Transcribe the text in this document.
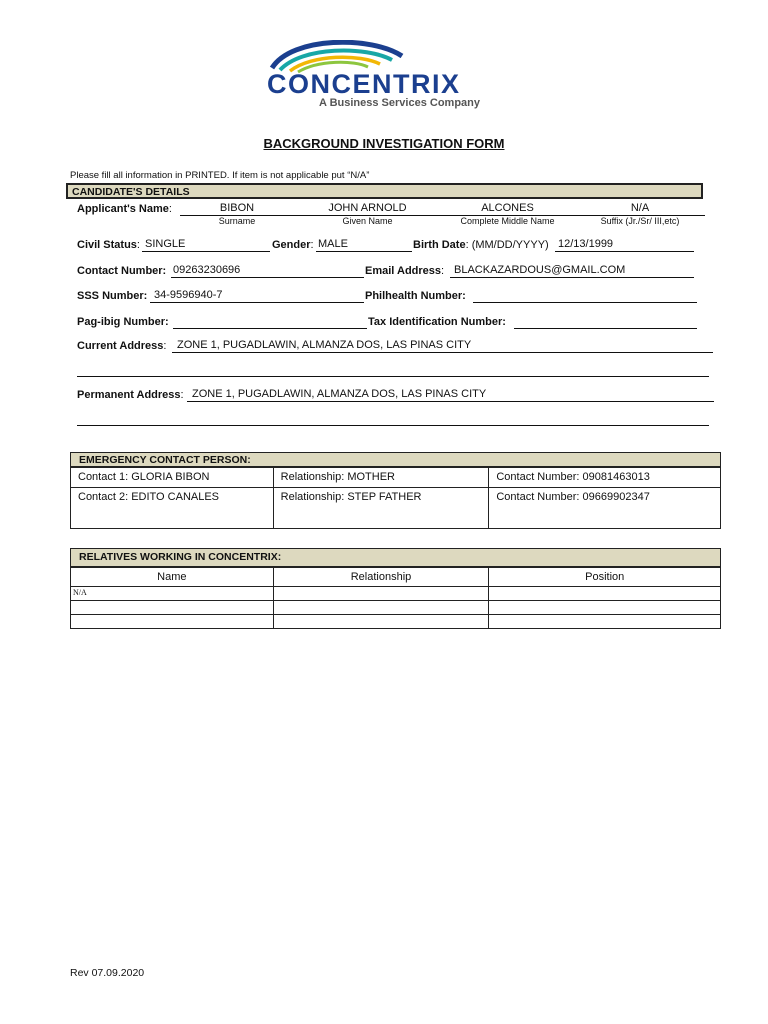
CONCENTRIX
A Business Services Company
BACKGROUND INVESTIGATION FORM
Please fill all information in PRINTED. If item is not applicable put “N/A”
CANDIDATE'S DETAILS
Applicant's Name:	BIBON	JOHN ARNOLD	ALCONES	N/A
Surname	Given Name	Complete Middle Name	Suffix (Jr./Sr/ III,etc)
Civil Status: SINGLE	Gender: MALE	Birth Date: (MM/DD/YYYY) 12/13/1999
Contact Number: 09263230696	Email Address: BLACKAZARDOUS@GMAIL.COM
SSS Number: 34-9596940-7	Philhealth Number:
Pag-ibig Number:	Tax Identification Number:
Current Address: ZONE 1, PUGADLAWIN, ALMANZA DOS, LAS PINAS CITY
Permanent Address: ZONE 1, PUGADLAWIN, ALMANZA DOS, LAS PINAS CITY
EMERGENCY CONTACT PERSON:
Contact 1: GLORIA BIBON	Relationship: MOTHER	Contact Number: 09081463013
Contact 2: EDITO CANALES	Relationship: STEP FATHER	Contact Number: 09669902347
RELATIVES WORKING IN CONCENTRIX:
Name	Relationship	Position
N/A		

Rev 07.09.2020
